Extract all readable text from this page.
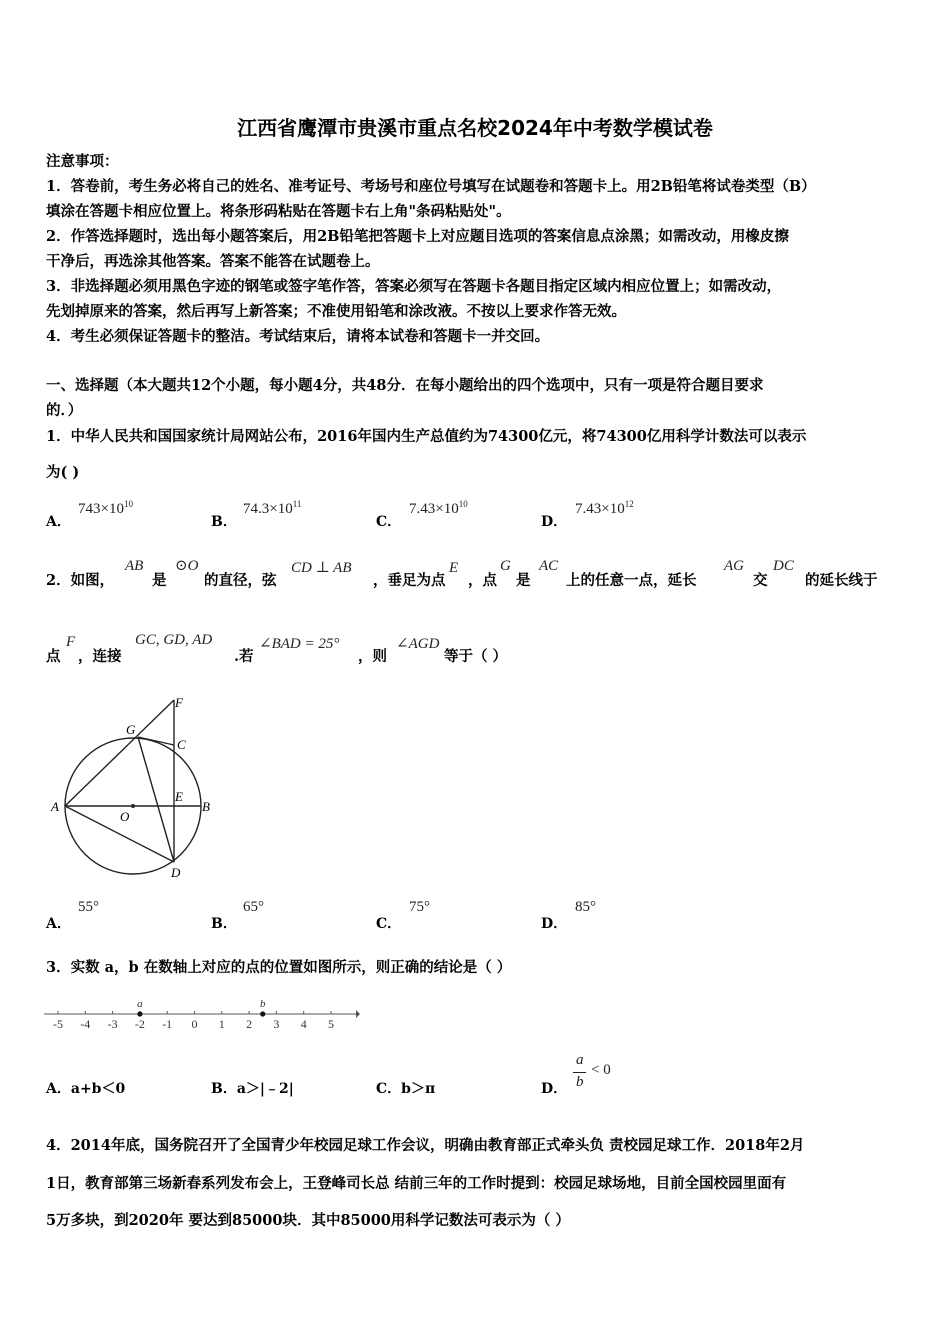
江西省鹰潭市贵溪市重点名校2024年中考数学模试卷
注意事项：
1．答卷前，考生务必将自己的姓名、准考证号、考场号和座位号填写在试题卷和答题卡上。用2B铅笔将试卷类型（B）
填涂在答题卡相应位置上。将条形码粘贴在答题卡右上角"条码粘贴处"。
2．作答选择题时，选出每小题答案后，用2B铅笔把答题卡上对应题目选项的答案信息点涂黑；如需改动，用橡皮擦
干净后，再选涂其他答案。答案不能答在试题卷上。
3．非选择题必须用黑色字迹的钢笔或签字笔作答，答案必须写在答题卡各题目指定区域内相应位置上；如需改动，
先划掉原来的答案，然后再写上新答案；不准使用铅笔和涂改液。不按以上要求作答无效。
4．考生必须保证答题卡的整洁。考试结束后，请将本试卷和答题卡一并交回。
一、选择题（本大题共12个小题，每小题4分，共48分．在每小题给出的四个选项中，只有一项是符合题目要求
的．）
1．中华人民共和国国家统计局网站公布，2016年国内生产总值约为74300亿元，将74300亿用科学计数法可以表示
为( )
A．
$743\times 10^{10}$
B．
$74.3\times 10^{11}$
C．
$7.43\times 10^{10}$
D．
$7.43\times 10^{12}$
2．如图，
AB
是
⊙O
的直径，弦
CD ⊥ AB
，垂足为点
E
，点
G
是
AC
上的任意一点，延长
AG
交
DC
的延长线于
点
F
，连接
GC, GD, AD
.若
∠BAD = 25°
，则
∠AGD
等于（ ）
A	B
C
D
E
F
G
O
A．
55°
B．
65°
C．
75°
D．
85°
3．实数 a，b 在数轴上对应的点的位置如图所示，则正确的结论是（ ）
-5 -4 -3 -2 -1 0 1 2 3 4 5
a	b
A．a+b＜0	B．a＞|﹣2|	C．b＞π	D．
a
b
< 0
4．2014年底，国务院召开了全国青少年校园足球工作会议，明确由教育部正式牵头负 责校园足球工作．2018年2月
1日，教育部第三场新春系列发布会上，王登峰司长总 结前三年的工作时提到：校园足球场地，目前全国校园里面有
5万多块，到2020年 要达到85000块．其中85000用科学记数法可表示为（ ）
